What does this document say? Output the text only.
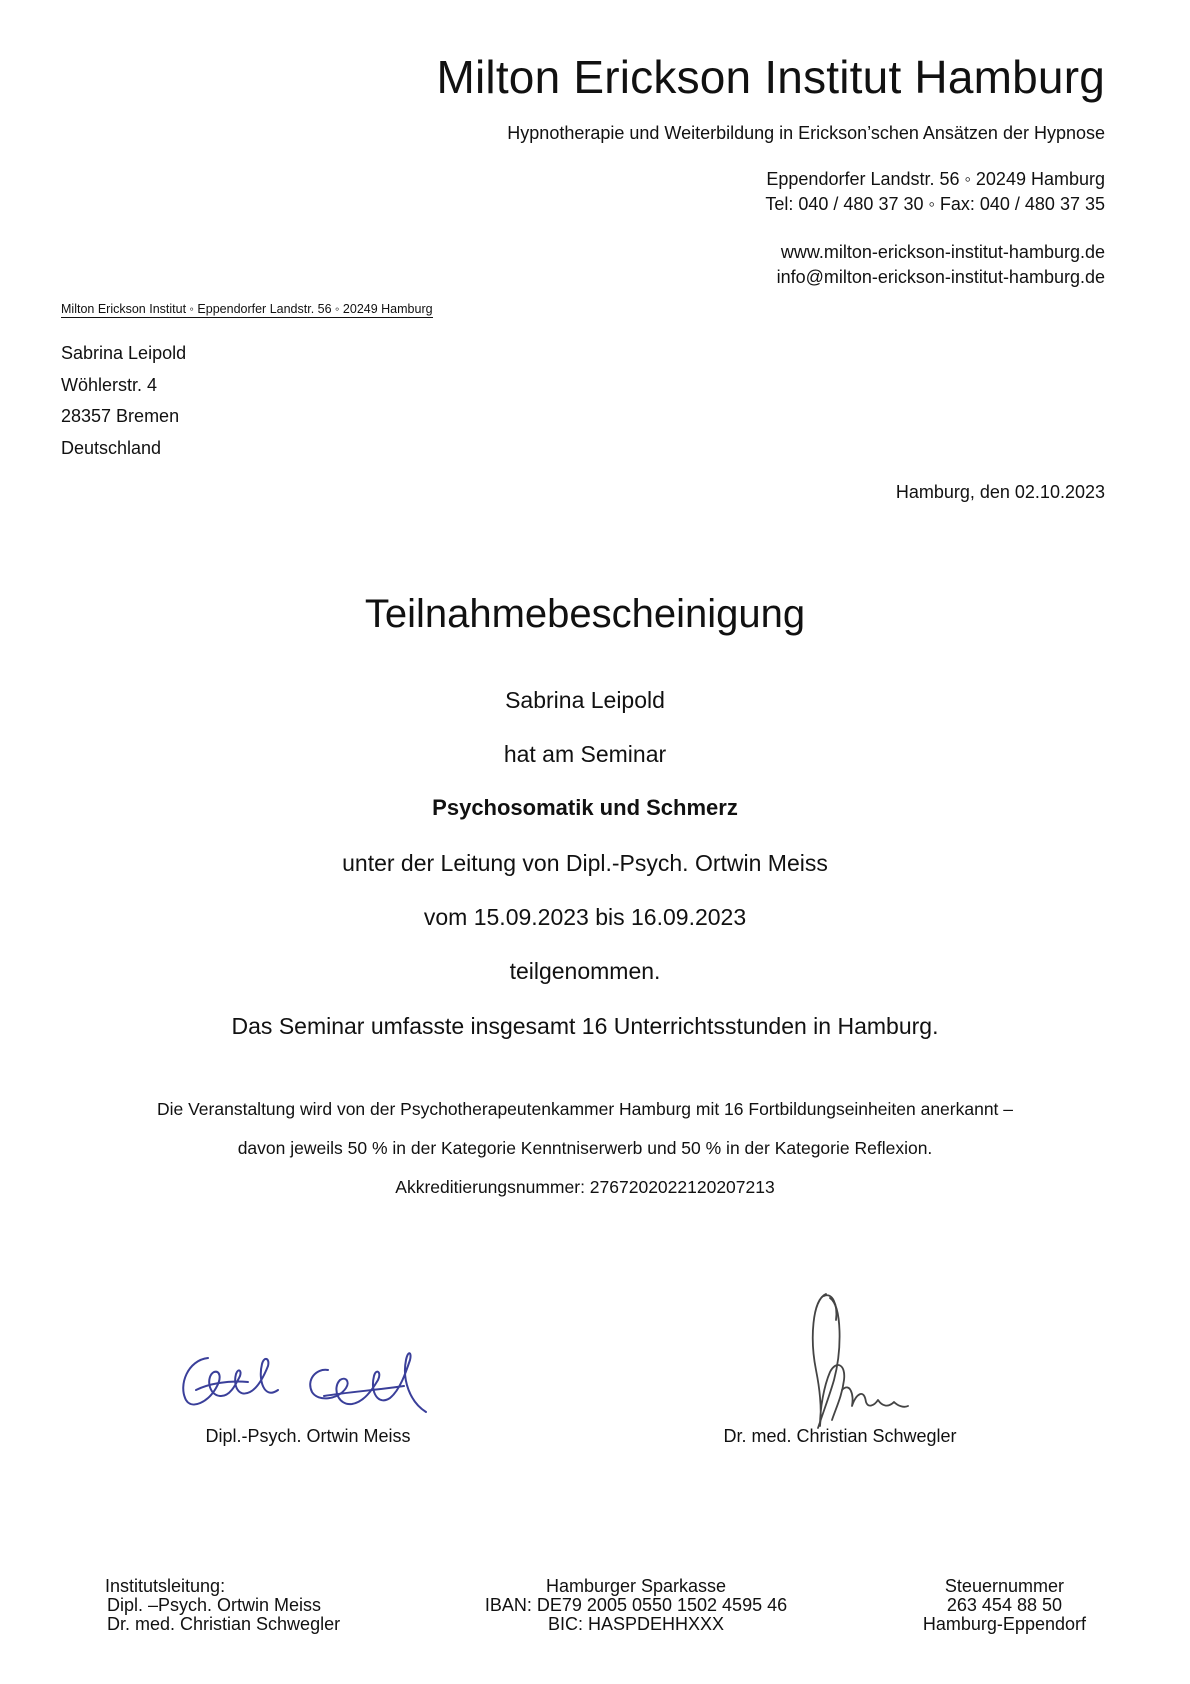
Milton Erickson Institut Hamburg
Hypnotherapie und Weiterbildung in Erickson’schen Ansätzen der Hypnose
Eppendorfer Landstr. 56 ◦ 20249 Hamburg
Tel: 040 / 480 37 30 ◦ Fax: 040 / 480 37 35
www.milton-erickson-institut-hamburg.de
info@milton-erickson-institut-hamburg.de
Milton Erickson Institut ◦ Eppendorfer Landstr. 56 ◦ 20249 Hamburg
Sabrina Leipold
Wöhlerstr. 4
28357 Bremen
Deutschland
Hamburg, den 02.10.2023
Teilnahmebescheinigung
Sabrina Leipold
hat am Seminar
Psychosomatik und Schmerz
unter der Leitung von Dipl.-Psych. Ortwin Meiss
vom 15.09.2023 bis 16.09.2023
teilgenommen.
Das Seminar umfasste insgesamt 16 Unterrichtsstunden in Hamburg.
Die Veranstaltung wird von der Psychotherapeutenkammer Hamburg mit 16 Fortbildungseinheiten anerkannt –
davon jeweils 50 % in der Kategorie Kenntniserwerb und 50 % in der Kategorie Reflexion.
Akkreditierungsnummer: 2767202022120207213
Dipl.-Psych. Ortwin Meiss	Dr. med. Christian Schwegler
Institutsleitung:
Dipl. –Psych. Ortwin Meiss
Dr. med. Christian Schwegler
Hamburger Sparkasse
IBAN: DE79 2005 0550 1502 4595 46
BIC: HASPDEHHXXX
Steuernummer
263 454 88 50
Hamburg-Eppendorf
